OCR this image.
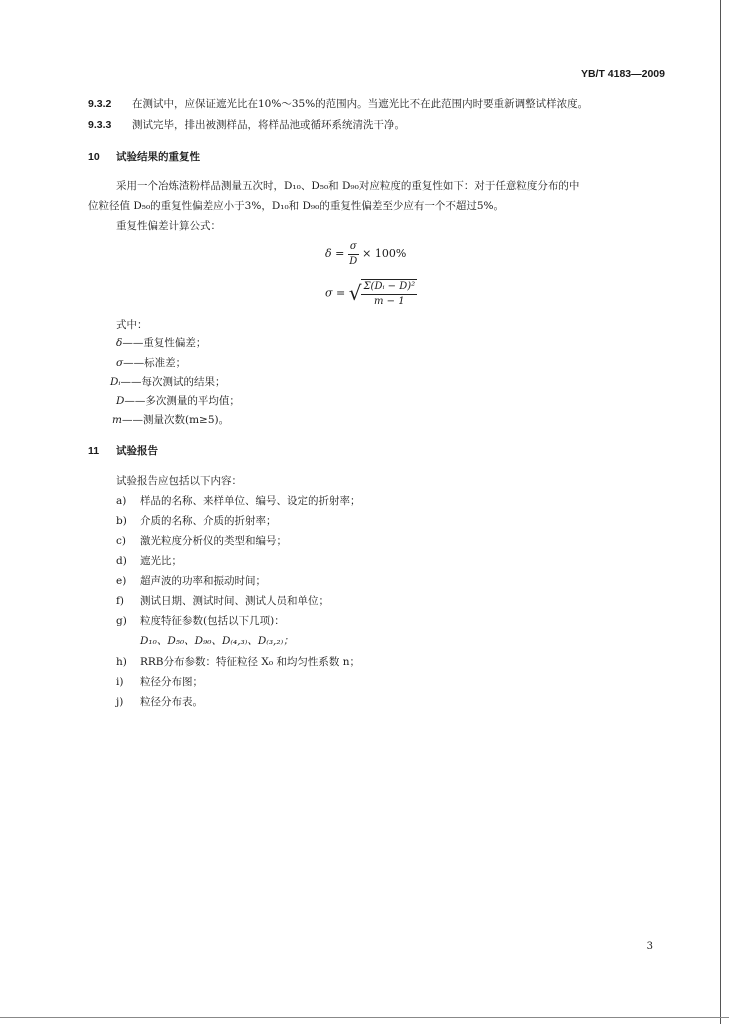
YB/T 4183—2009
9.3.2 在测试中，应保证遮光比在10%～35%的范围内。当遮光比不在此范围内时要重新调整试样浓度。
9.3.3 测试完毕，排出被测样品，将样品池或循环系统清洗干净。
10 试验结果的重复性
采用一个冶炼渣粉样品测量五次时，D₁₀、D₅₀和 D₉₀对应粒度的重复性如下：对于任意粒度分布的中
位粒径值 D₅₀的重复性偏差应小于3%，D₁₀和 D₉₀的重复性偏差至少应有一个不超过5%。
重复性偏差计算公式：
$\delta = \frac{\sigma}{D} \times 100\%$
σ = √ $\frac{\text{Σ(Dᵢ − D)²}}{m - 1}$
式中：
δ——重复性偏差；
σ——标准差；
Dᵢ——每次测试的结果；
D——多次测量的平均值；
m——测量次数(m≥5)。
11 试验报告
试验报告应包括以下内容：
a) 样品的名称、来样单位、编号、设定的折射率；
b) 介质的名称、介质的折射率；
c) 激光粒度分析仪的类型和编号；
d) 遮光比；
e) 超声波的功率和振动时间；
f) 测试日期、测试时间、测试人员和单位；
g) 粒度特征参数(包括以下几项)：
D₁₀、D₅₀、D₉₀、D₍₄,₃₎、D₍₃,₂₎；
h) RRB分布参数：特征粒径 X₀ 和均匀性系数 n；
i) 粒径分布图；
j) 粒径分布表。
3
